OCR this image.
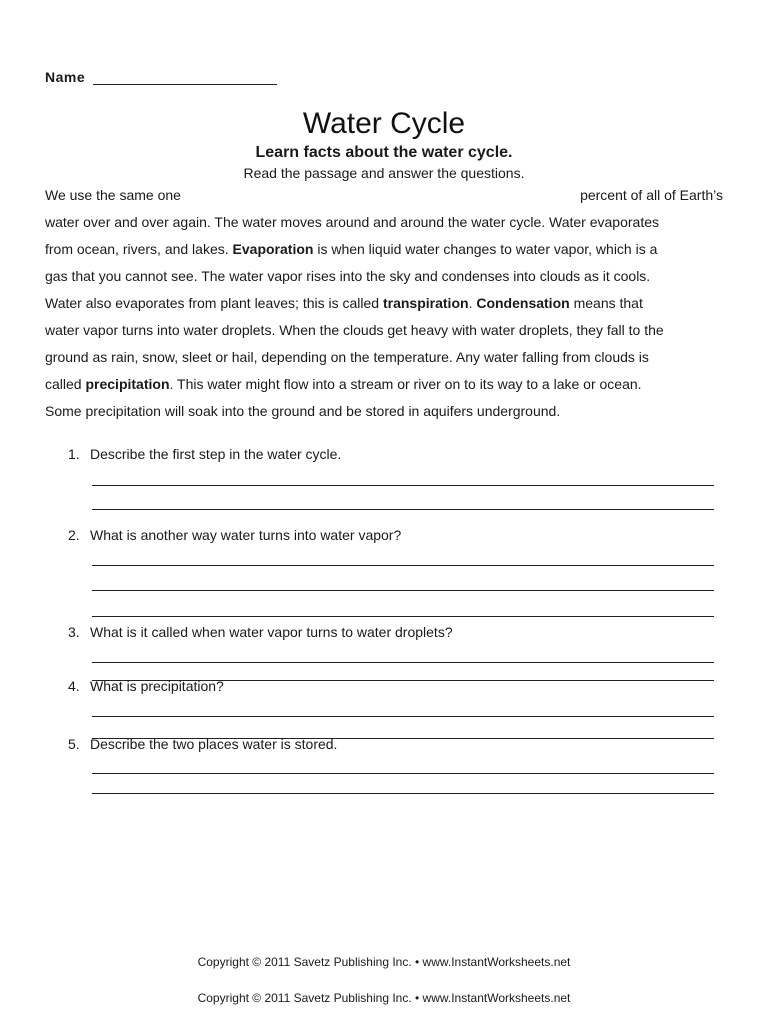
Name
Water Cycle
Learn facts about the water cycle.
Read the passage and answer the questions.
We use the same one	percent of all of Earth’s
water over and over again. The water moves around and around the water cycle. Water evaporates
from ocean, rivers, and lakes.
Evaporation
is when liquid water changes to water vapor, which is a
gas that you cannot see. The water vapor rises into the sky and condenses into clouds as it cools.
Water also evaporates from plant leaves; this is called
transpiration .
Condensation
means that
water vapor turns into water droplets. When the clouds get heavy with water droplets, they fall to the
ground as rain, snow, sleet or hail, depending on the temperature. Any water falling from clouds is
called
precipitation . This water might flow into a stream or river on to its way to a lake or ocean.
Some precipitation will soak into the ground and be stored in aquifers underground.
1. Describe the first step in the water cycle.
2. What is another way water turns into water vapor?
3. What is it called when water vapor turns to water droplets?
4. What is precipitation?
5. Describe the two places water is stored.
Copyright © 2011 Savetz Publishing Inc. • www.InstantWorksheets.net
Copyright © 2011 Savetz Publishing Inc. • www.InstantWorksheets.net
